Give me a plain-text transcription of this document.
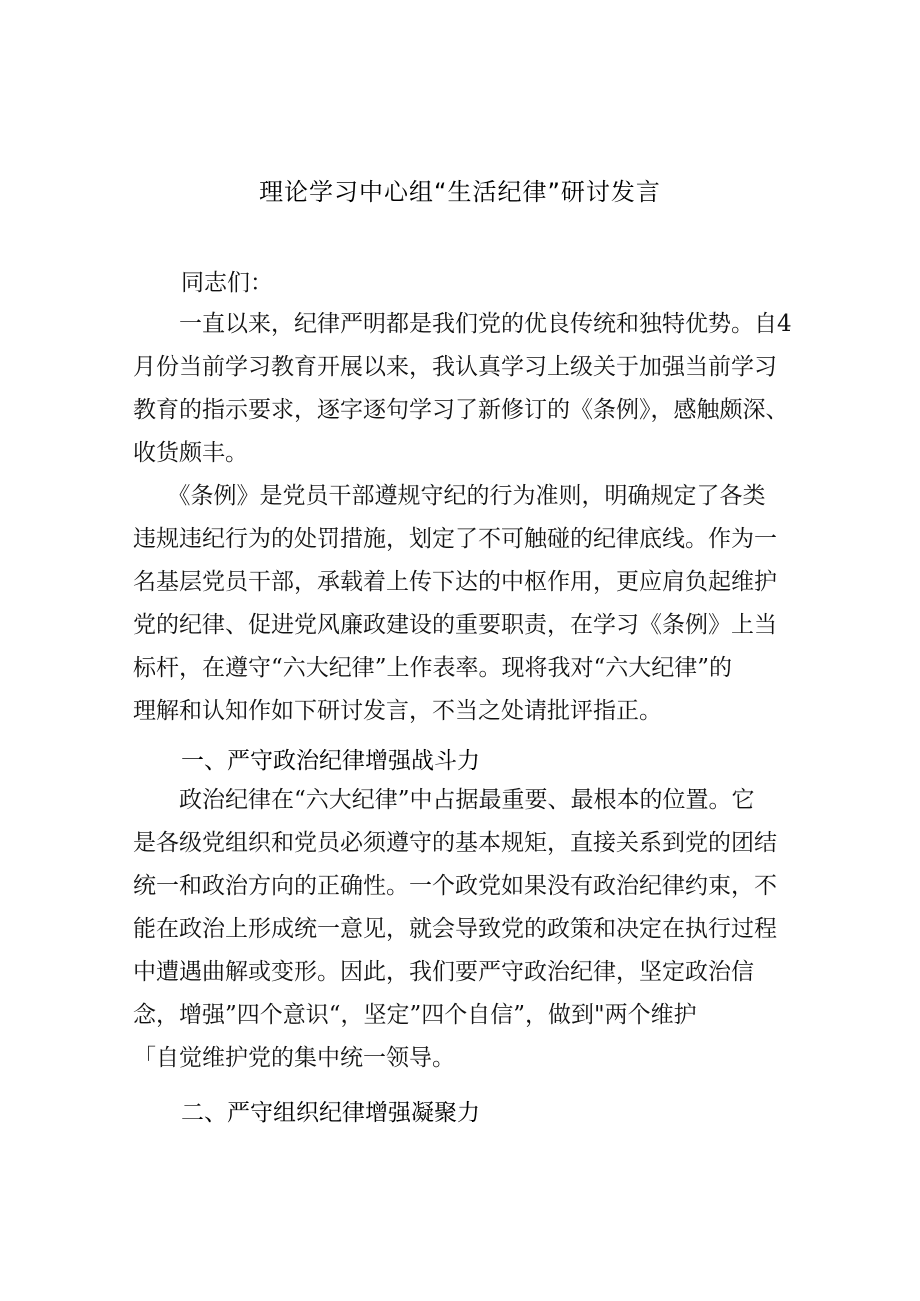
理论学习中心组“生活纪律”研讨发言
同志们：
　　一直以来，纪律严明都是我们党的优良传统和独特优势。自4
月份当前学习教育开展以来，我认真学习上级关于加强当前学习
教育的指示要求，逐字逐句学习了新修订的《条例》，感触颇深、
收货颇丰。
　　《条例》是党员干部遵规守纪的行为准则，明确规定了各类
违规违纪行为的处罚措施，划定了不可触碰的纪律底线。作为一
名基层党员干部，承载着上传下达的中枢作用，更应肩负起维护
党的纪律、促进党风廉政建设的重要职责，在学习《条例》上当
标杆，在遵守“六大纪律”上作表率。现将我对“六大纪律”的
理解和认知作如下研讨发言，不当之处请批评指正。
一、严守政治纪律增强战斗力
　　政治纪律在“六大纪律”中占据最重要、最根本的位置。它
是各级党组织和党员必须遵守的基本规矩，直接关系到党的团结
统一和政治方向的正确性。一个政党如果没有政治纪律约束，不
能在政治上形成统一意见，就会导致党的政策和决定在执行过程
中遭遇曲解或变形。因此，我们要严守政治纪律，坚定政治信
念，增强”四个意识“，坚定”四个自信”，做到"两个维护
「自觉维护党的集中统一领导。
二、严守组织纪律增强凝聚力
